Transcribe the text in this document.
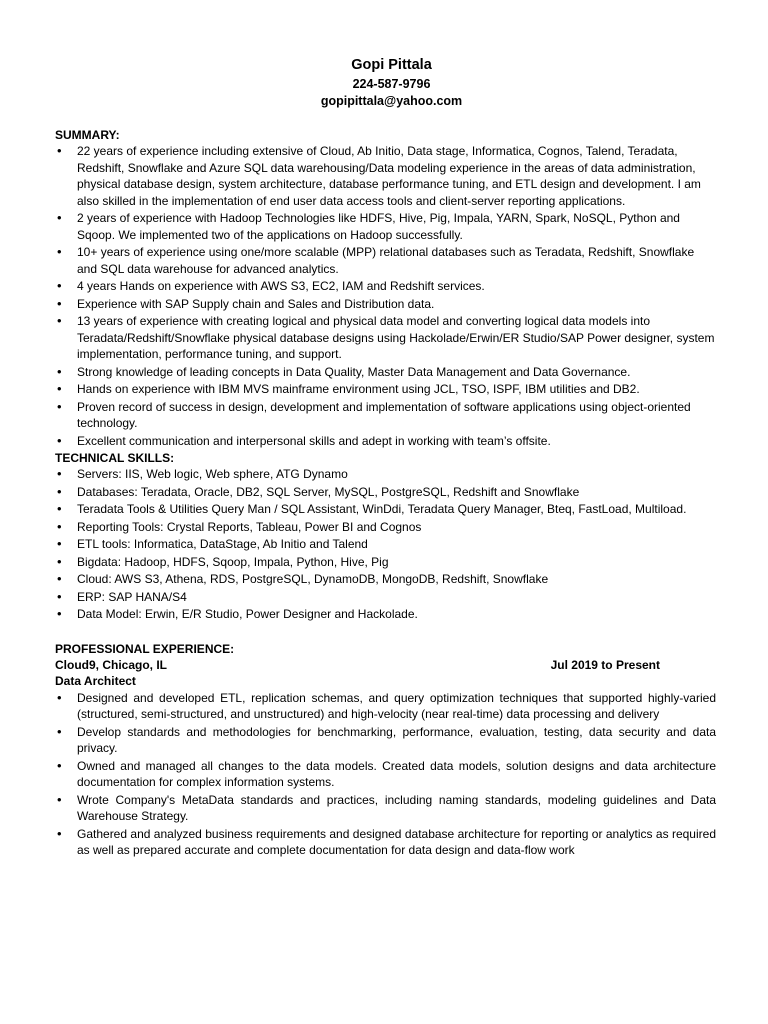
Gopi Pittala
224-587-9796
gopipittala@yahoo.com
SUMMARY:
• 22 years of experience including extensive of Cloud, Ab Initio, Data stage, Informatica, Cognos, Talend, Teradata, Redshift, Snowflake and Azure SQL data warehousing/Data modeling experience in the areas of data administration, physical database design, system architecture, database performance tuning, and ETL design and development. I am also skilled in the implementation of end user data access tools and client-server reporting applications.
• 2 years of experience with Hadoop Technologies like HDFS, Hive, Pig, Impala, YARN, Spark, NoSQL, Python and Sqoop. We implemented two of the applications on Hadoop successfully.
• 10+ years of experience using one/more scalable (MPP) relational databases such as Teradata, Redshift, Snowflake and SQL data warehouse for advanced analytics.
• 4 years Hands on experience with AWS S3, EC2, IAM and Redshift services.
• Experience with SAP Supply chain and Sales and Distribution data.
• 13 years of experience with creating logical and physical data model and converting logical data models into Teradata/Redshift/Snowflake physical database designs using Hackolade/Erwin/ER Studio/SAP Power designer, system implementation, performance tuning, and support.
• Strong knowledge of leading concepts in Data Quality, Master Data Management and Data Governance.
• Hands on experience with IBM MVS mainframe environment using JCL, TSO, ISPF, IBM utilities and DB2.
• Proven record of success in design, development and implementation of software applications using object-oriented technology.
• Excellent communication and interpersonal skills and adept in working with team’s offsite.
TECHNICAL SKILLS:
• Servers: IIS, Web logic, Web sphere, ATG Dynamo
• Databases: Teradata, Oracle, DB2, SQL Server, MySQL, PostgreSQL, Redshift and Snowflake
• Teradata Tools & Utilities Query Man / SQL Assistant, WinDdi, Teradata Query Manager, Bteq, FastLoad, Multiload.
• Reporting Tools: Crystal Reports, Tableau, Power BI and Cognos
• ETL tools: Informatica, DataStage, Ab Initio and Talend
• Bigdata: Hadoop, HDFS, Sqoop, Impala, Python, Hive, Pig
• Cloud: AWS S3, Athena, RDS, PostgreSQL, DynamoDB, MongoDB, Redshift, Snowflake
• ERP: SAP HANA/S4
• Data Model: Erwin, E/R Studio, Power Designer and Hackolade.
PROFESSIONAL EXPERIENCE:
Cloud9, Chicago, IL	Jul 2019 to Present
Data Architect
• Designed and developed ETL, replication schemas, and query optimization techniques that supported highly-varied (structured, semi-structured, and unstructured) and high-velocity (near real-time) data processing and delivery
• Develop standards and methodologies for benchmarking, performance, evaluation, testing, data security and data privacy.
• Owned and managed all changes to the data models. Created data models, solution designs and data architecture documentation for complex information systems.
• Wrote Company's MetaData standards and practices, including naming standards, modeling guidelines and Data Warehouse Strategy.
• Gathered and analyzed business requirements and designed database architecture for reporting or analytics as required as well as prepared accurate and complete documentation for data design and data-flow work
